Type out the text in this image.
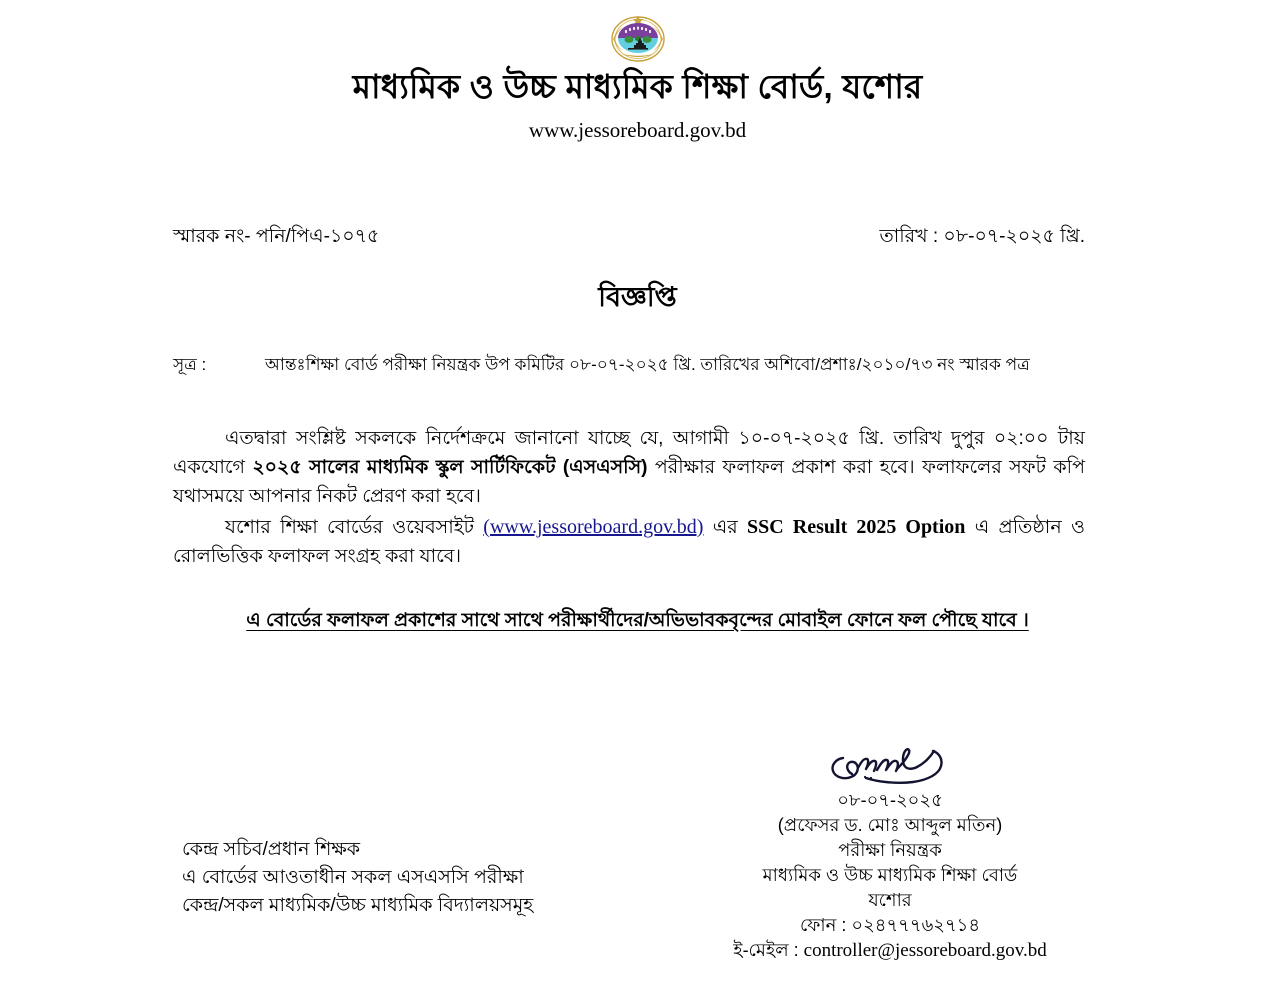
মাধ্যমিক ও উচ্চ মাধ্যমিক শিক্ষা বোর্ড, যশোর
www.jessoreboard.gov.bd
স্মারক নং- পনি/পিএ-১০৭৫	তারিখ : ০৮-০৭-২০২৫ খ্রি.
বিজ্ঞপ্তি
সূত্র :	আন্তঃশিক্ষা বোর্ড পরীক্ষা নিয়ন্ত্রক উপ কমিটির ০৮-০৭-২০২৫ খ্রি. তারিখের অশিবো/প্রশাঃ/২০১০/৭৩ নং স্মারক পত্র

এতদ্বারা সংশ্লিষ্ট সকলকে নির্দেশক্রমে জানানো যাচ্ছে যে, আগামী ১০-০৭-২০২৫ খ্রি. তারিখ দুপুর ০২:০০ টায় একযোগে ২০২৫ সালের মাধ্যমিক স্কুল সার্টিফিকেট (এসএসসি) পরীক্ষার ফলাফল প্রকাশ করা হবে। ফলাফলের সফট কপি যথাসময়ে আপনার নিকট প্রেরণ করা হবে।

যশোর শিক্ষা বোর্ডের ওয়েবসাইট (www.jessoreboard.gov.bd) এর SSC Result 2025 Option এ প্রতিষ্ঠান ও রোলভিত্তিক ফলাফল সংগ্রহ করা যাবে।

এ বোর্ডের ফলাফল প্রকাশের সাথে সাথে পরীক্ষার্থীদের/অভিভাবকবৃন্দের মোবাইল ফোনে ফল পৌছে যাবে ।
০৮-০৭-২০২৫
(প্রফেসর ড. মোঃ আব্দুল মতিন)
পরীক্ষা নিয়ন্ত্রক
মাধ্যমিক ও উচ্চ মাধ্যমিক শিক্ষা বোর্ড
যশোর
ফোন : ০২৪৭৭৭৬২৭১৪
ই-মেইল : controller@jessoreboard.gov.bd
কেন্দ্র সচিব/প্রধান শিক্ষক
এ বোর্ডের আওতাধীন সকল এসএসসি পরীক্ষা
কেন্দ্র/সকল মাধ্যমিক/উচ্চ মাধ্যমিক বিদ্যালয়সমূহ
